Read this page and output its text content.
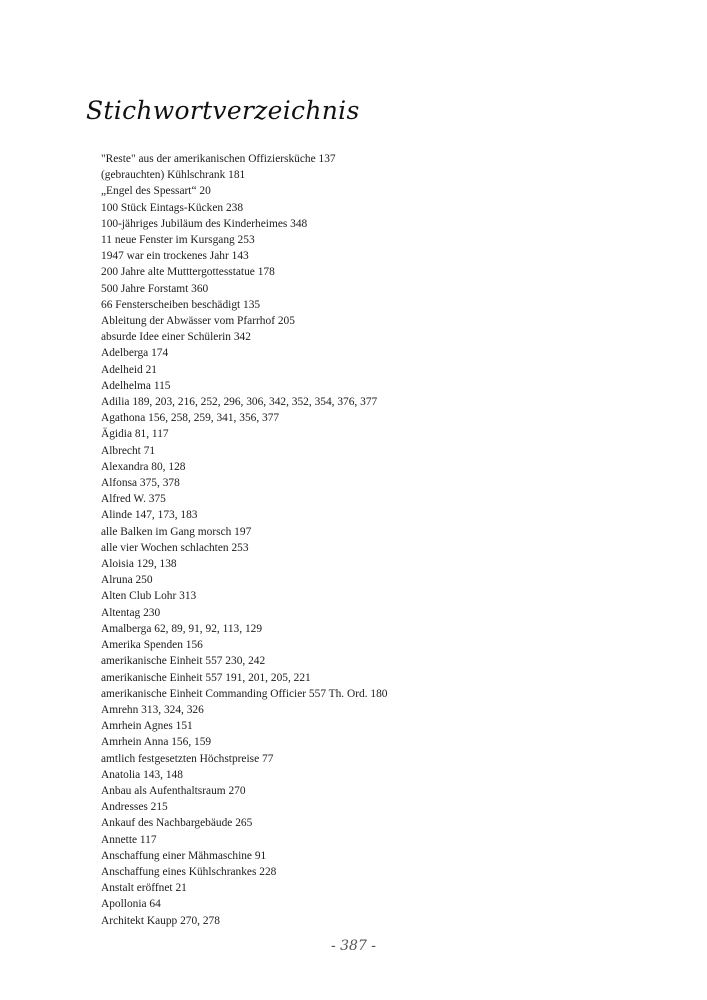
Stichwortverzeichnis
"Reste" aus der amerikanischen Offiziersküche 137
(gebrauchten) Kühlschrank 181
„Engel des Spessart“ 20
100 Stück Eintags-Kücken 238
100-jähriges Jubiläum des Kinderheimes 348
11 neue Fenster im Kursgang 253
1947 war ein trockenes Jahr 143
200 Jahre alte Mutttergottesstatue 178
500 Jahre Forstamt 360
66 Fensterscheiben beschädigt 135
Ableitung der Abwässer vom Pfarrhof 205
absurde Idee einer Schülerin 342
Adelberga 174
Adelheid 21
Adelhelma 115
Adilia 189, 203, 216, 252, 296, 306, 342, 352, 354, 376, 377
Agathona 156, 258, 259, 341, 356, 377
Ägidia 81, 117
Albrecht 71
Alexandra 80, 128
Alfonsa 375, 378
Alfred W. 375
Alinde 147, 173, 183
alle Balken im Gang morsch 197
alle vier Wochen schlachten 253
Aloisia 129, 138
Alruna 250
Alten Club Lohr 313
Altentag 230
Amalberga 62, 89, 91, 92, 113, 129
Amerika Spenden 156
amerikanische Einheit 557 230, 242
amerikanische Einheit 557 191, 201, 205, 221
amerikanische Einheit Commanding Officier 557 Th. Ord. 180
Amrehn 313, 324, 326
Amrhein Agnes 151
Amrhein Anna 156, 159
amtlich festgesetzten Höchstpreise 77
Anatolia 143, 148
Anbau als Aufenthaltsraum 270
Andresses 215
Ankauf des Nachbargebäude 265
Annette 117
Anschaffung einer Mähmaschine 91
Anschaffung eines Kühlschrankes 228
Anstalt eröffnet 21
Apollonia 64
Architekt Kaupp 270, 278
- 387 -
